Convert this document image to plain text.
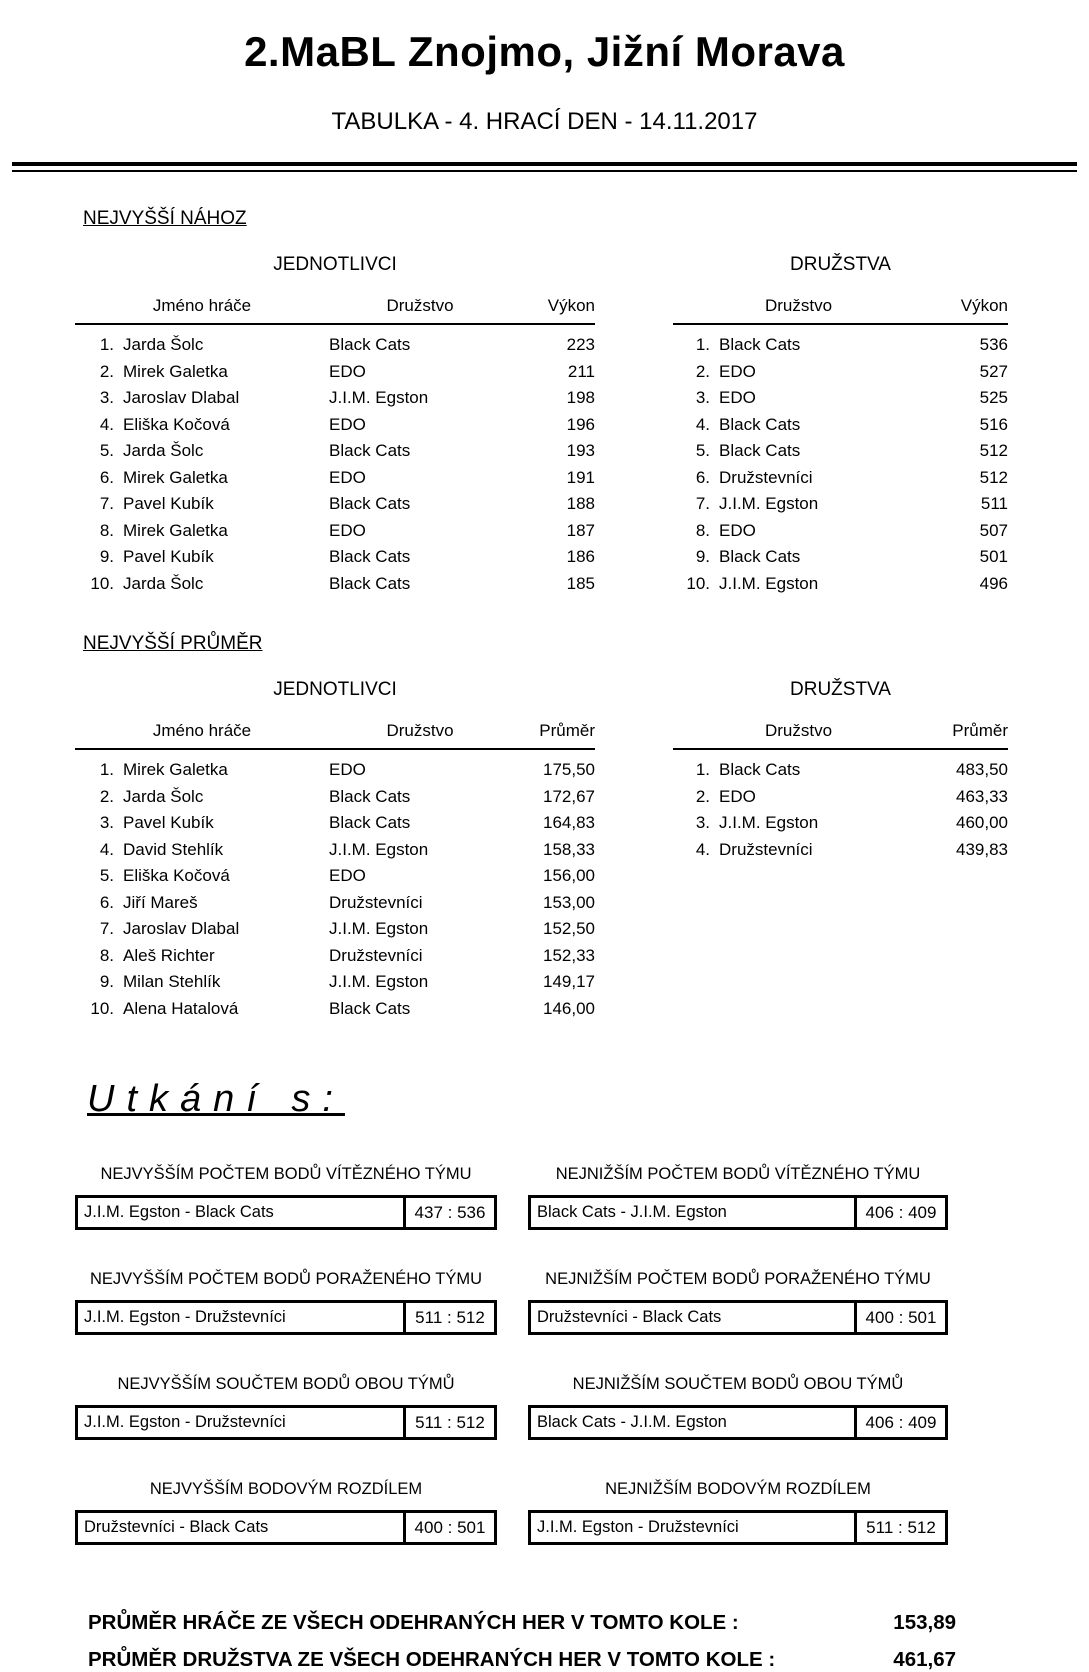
2.MaBL Znojmo, Jižní Morava
TABULKA - 4. HRACÍ DEN - 14.11.2017
NEJVYŠŠÍ NÁHOZ
JEDNOTLIVCI
Jméno hráče	Družstvo	Výkon
1. Jarda Šolc	Black Cats	223
2. Mirek Galetka	EDO	211
3. Jaroslav Dlabal	J.I.M. Egston	198
4. Eliška Kočová	EDO	196
5. Jarda Šolc	Black Cats	193
6. Mirek Galetka	EDO	191
7. Pavel Kubík	Black Cats	188
8. Mirek Galetka	EDO	187
9. Pavel Kubík	Black Cats	186
10. Jarda Šolc	Black Cats	185
DRUŽSTVA
Družstvo	Výkon
1. Black Cats	536
2. EDO	527
3. EDO	525
4. Black Cats	516
5. Black Cats	512
6. Družstevníci	512
7. J.I.M. Egston	511
8. EDO	507
9. Black Cats	501
10. J.I.M. Egston	496
NEJVYŠŠÍ PRŮMĚR
JEDNOTLIVCI
Jméno hráče	Družstvo	Průměr
1. Mirek Galetka	EDO	175,50
2. Jarda Šolc	Black Cats	172,67
3. Pavel Kubík	Black Cats	164,83
4. David Stehlík	J.I.M. Egston	158,33
5. Eliška Kočová	EDO	156,00
6. Jiří Mareš	Družstevníci	153,00
7. Jaroslav Dlabal	J.I.M. Egston	152,50
8. Aleš Richter	Družstevníci	152,33
9. Milan Stehlík	J.I.M. Egston	149,17
10. Alena Hatalová	Black Cats	146,00
DRUŽSTVA
Družstvo	Průměr
1. Black Cats	483,50
2. EDO	463,33
3. J.I.M. Egston	460,00
4. Družstevníci	439,83
Utkání s:
NEJVYŠŠÍM POČTEM BODŮ VÍTĚZNÉHO TÝMU
J.I.M. Egston - Black Cats	437 : 536
NEJNIŽŠÍM POČTEM BODŮ VÍTĚZNÉHO TÝMU
Black Cats - J.I.M. Egston	406 : 409
NEJVYŠŠÍM POČTEM BODŮ PORAŽENÉHO TÝMU
J.I.M. Egston - Družstevníci	511 : 512
NEJNIŽŠÍM POČTEM BODŮ PORAŽENÉHO TÝMU
Družstevníci - Black Cats	400 : 501
NEJVYŠŠÍM SOUČTEM BODŮ OBOU TÝMŮ
J.I.M. Egston - Družstevníci	511 : 512
NEJNIŽŠÍM SOUČTEM BODŮ OBOU TÝMŮ
Black Cats - J.I.M. Egston	406 : 409
NEJVYŠŠÍM BODOVÝM ROZDÍLEM
Družstevníci - Black Cats	400 : 501
NEJNIŽŠÍM BODOVÝM ROZDÍLEM
J.I.M. Egston - Družstevníci	511 : 512
PRŮMĚR HRÁČE ZE VŠECH ODEHRANÝCH HER V TOMTO KOLE :	153,89
PRŮMĚR DRUŽSTVA ZE VŠECH ODEHRANÝCH HER V TOMTO KOLE :	461,67
